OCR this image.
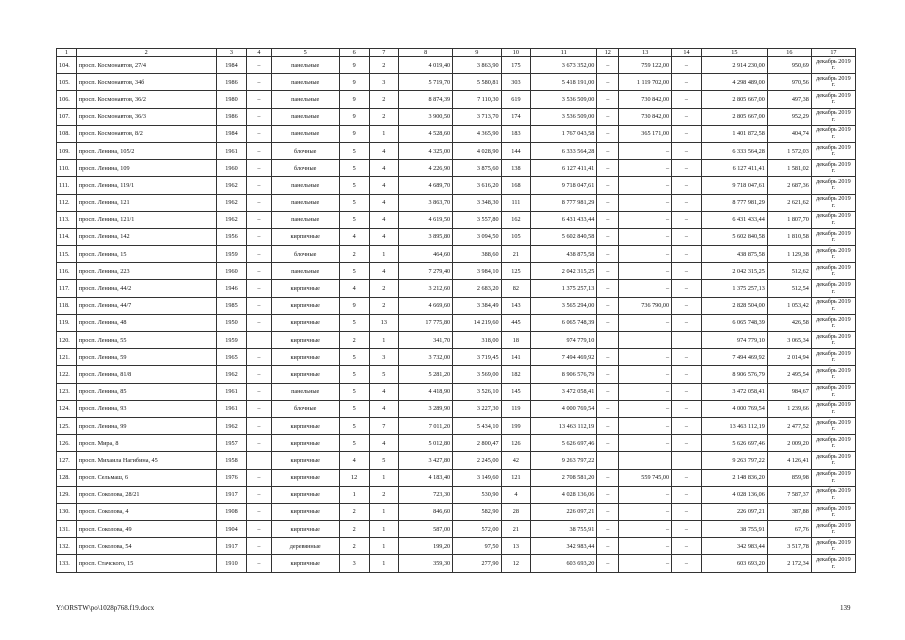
1	2	3	4	5	6	7	8	9	10	11	12	13	14	15	16	17
104.	просп. Космонавтов, 27/4	1984	–	панельные	9	2	4 019,40	3 863,90	175	3 673 352,00	–	759 122,00	–	2 914 230,00	950,69	декабрь 2019 г.
105.	просп. Космонавтов, 34б	1986	–	панельные	9	3	5 719,70	5 580,81	303	5 418 191,00	–	1 119 702,00	–	4 298 489,00	970,56	декабрь 2019 г.
106.	просп. Космонавтов, 36/2	1980	–	панельные	9	2	8 874,39	7 110,30	619	3 536 509,00	–	730 842,00	–	2 805 667,00	497,38	декабрь 2019 г.
107.	просп. Космонавтов, 36/3	1986	–	панельные	9	2	3 900,50	3 713,70	174	3 536 509,00	–	730 842,00	–	2 805 667,00	952,29	декабрь 2019 г.
108.	просп. Космонавтов, 8/2	1984	–	панельные	9	1	4 528,60	4 365,90	183	1 767 043,58	–	365 171,00	–	1 401 872,58	404,74	декабрь 2019 г.
109.	просп. Ленина, 105/2	1961	–	блочные	5	4	4 325,00	4 028,90	144	6 333 564,28	–	–	–	6 333 564,28	1 572,03	декабрь 2019 г.
110.	просп. Ленина, 109	1960	–	блочные	5	4	4 226,90	3 875,60	138	6 127 411,41	–	–	–	6 127 411,41	1 581,02	декабрь 2019 г.
111.	просп. Ленина, 119/1	1962	–	панельные	5	4	4 689,70	3 616,20	168	9 718 047,61	–	–	–	9 718 047,61	2 687,36	декабрь 2019 г.
112.	просп. Ленина, 121	1962	–	панельные	5	4	3 863,70	3 348,30	111	8 777 981,29	–	–	–	8 777 981,29	2 621,62	декабрь 2019 г.
113.	просп. Ленина, 121/1	1962	–	панельные	5	4	4 619,50	3 557,80	162	6 431 433,44	–	–	–	6 431 433,44	1 807,70	декабрь 2019 г.
114.	просп. Ленина, 142	1956	–	кирпичные	4	4	3 895,80	3 094,50	105	5 602 840,58	–	–	–	5 602 840,58	1 810,58	декабрь 2019 г.
115.	просп. Ленина, 15	1959	–	блочные	2	1	464,60	388,60	21	438 875,58	–	–	–	438 875,58	1 129,38	декабрь 2019 г.
116.	просп. Ленина, 223	1960	–	панельные	5	4	7 279,40	3 984,10	125	2 042 315,25	–	–	–	2 042 315,25	512,62	декабрь 2019 г.
117.	просп. Ленина, 44/2	1946	–	кирпичные	4	2	3 212,60	2 683,20	82	1 375 257,13	–	–	–	1 375 257,13	512,54	декабрь 2019 г.
118.	просп. Ленина, 44/7	1985	–	кирпичные	9	2	4 669,60	3 384,49	143	3 565 294,00	–	736 790,00	–	2 828 504,00	1 053,42	декабрь 2019 г.
119.	просп. Ленина, 48	1950	–	кирпичные	5	13	17 775,80	14 219,60	445	6 065 748,39	–	–	–	6 065 748,39	426,58	декабрь 2019 г.
120.	просп. Ленина, 55	1959		кирпичные	2	1	341,70	318,00	18	974 779,10				974 779,10	3 065,34	декабрь 2019 г.
121.	просп. Ленина, 59	1965	–	кирпичные	5	3	3 732,00	3 719,45	141	7 494 469,92	–	–	–	7 494 469,92	2 014,94	декабрь 2019 г.
122.	просп. Ленина, 81/8	1962	–	кирпичные	5	5	5 281,20	3 569,00	182	8 906 576,79	–	–	–	8 906 576,79	2 495,54	декабрь 2019 г.
123.	просп. Ленина, 85	1961	–	панельные	5	4	4 418,90	3 526,10	145	3 472 058,41	–	–	–	3 472 058,41	984,67	декабрь 2019 г.
124.	просп. Ленина, 93	1961	–	блочные	5	4	3 289,90	3 227,30	119	4 000 769,54	–	–	–	4 000 769,54	1 239,66	декабрь 2019 г.
125.	просп. Ленина, 99	1962	–	кирпичные	5	7	7 011,20	5 434,10	199	13 463 112,19	–	–	–	13 463 112,19	2 477,52	декабрь 2019 г.
126.	просп. Мира, 8	1957	–	кирпичные	5	4	5 012,80	2 800,47	126	5 626 697,46	–	–	–	5 626 697,46	2 009,20	декабрь 2019 г.
127.	просп. Михаила Нагибина, 45	1958		кирпичные	4	5	3 427,80	2 245,00	42	9 263 797,22				9 263 797,22	4 126,41	декабрь 2019 г.
128.	просп. Сельмаш, 6	1976	–	кирпичные	12	1	4 183,40	3 149,60	121	2 708 581,20	–	559 745,00	–	2 148 836,20	859,98	декабрь 2019 г.
129.	просп. Соколова, 28/21	1917	–	кирпичные	1	2	723,30	530,90	4	4 028 136,06	–	–	–	4 028 136,06	7 587,37	декабрь 2019 г.
130.	просп. Соколова, 4	1908	–	кирпичные	2	1	846,60	582,90	28	226 097,21	–	–	–	226 097,21	387,88	декабрь 2019 г.
131.	просп. Соколова, 49	1904	–	кирпичные	2	1	587,00	572,00	21	38 755,91	–	–	–	38 755,91	67,76	декабрь 2019 г.
132.	просп. Соколова, 54	1917	–	деревянные	2	1	199,20	97,50	13	342 983,44	–	–	–	342 983,44	3 517,78	декабрь 2019 г.
133.	просп. Стачского, 15	1910	–	кирпичные	3	1	359,30	277,90	12	603 693,20	–	–	–	603 693,20	2 172,34	декабрь 2019 г.
Y:\ORSTW\po\1028p768.f19.docx	139
